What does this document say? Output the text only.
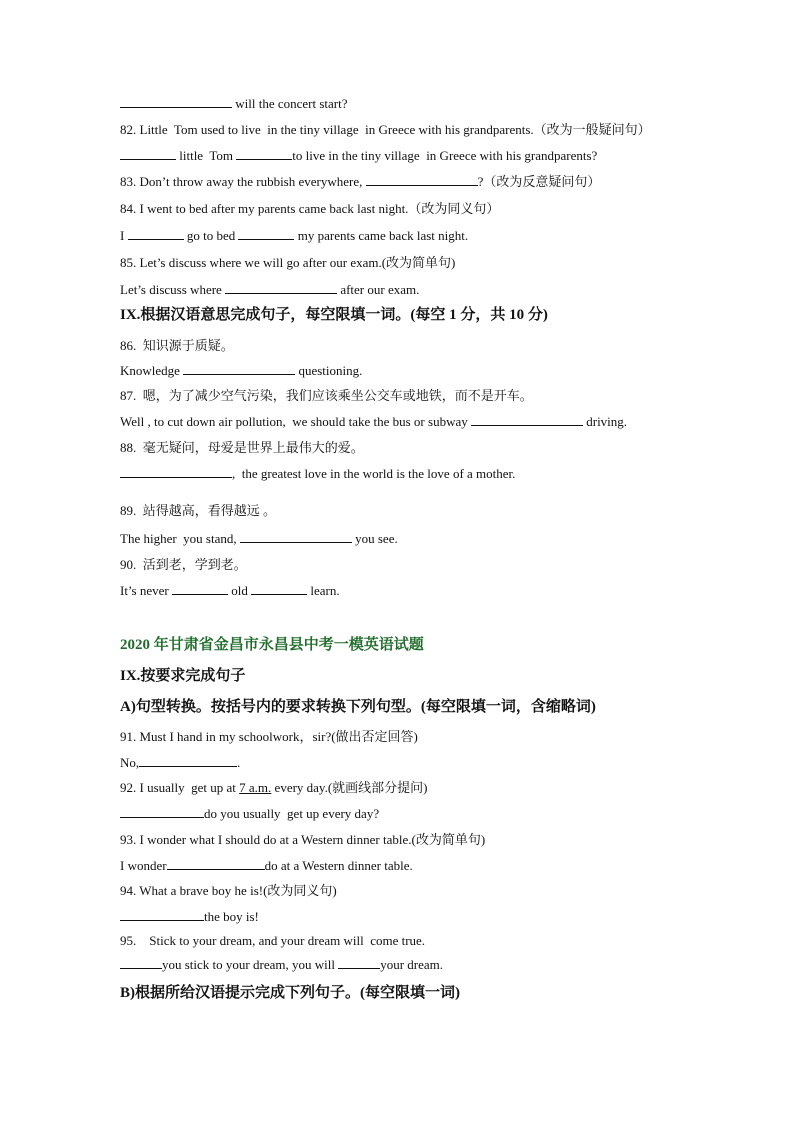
will the concert start?
82. Little  Tom used to live  in the tiny village  in Greece with his grandparents.（改为一般疑问句）
little  Tom	to live in the tiny village  in Greece with his grandparents?
83. Don’t throw away the rubbish everywhere,	?（改为反意疑问句）
84. I went to bed after my parents came back last night.（改为同义句）
I	go to bed	my parents came back last night.
85. Let’s discuss where we will go after our exam.(改为简单句)
Let’s discuss where	after our exam.
IX.根据汉语意思完成句子，每空限填一词。(每空 1 分，共 10 分)
86.  知识源于质疑。
Knowledge	questioning.
87.  嗯，为了减少空气污染，我们应该乘坐公交车或地铁，而不是开车。
Well , to cut down air pollution,  we should take the bus or subway	driving.
88.  毫无疑问，母爱是世界上最伟大的爱。
,  the greatest love in the world is the love of a mother.
89.  站得越高，看得越远 。
The higher  you stand,	you see.
90.  活到老，学到老。
It’s never	old	learn.
2020 年甘肃省金昌市永昌县中考一模英语试题
IX.按要求完成句子
A)句型转换。按括号内的要求转换下列句型。(每空限填一词，含缩略词)
91. Must I hand in my schoolwork，sir?(做出否定回答)
No,	.
92. I usually  get up at 7 a.m. every day.(就画线部分提问)
do you usually  get up every day?
93. I wonder what I should do at a Western dinner table.(改为简单句)
I wonder	do at a Western dinner table.
94. What a brave boy he is!(改为同义句)
the boy is!
95.    Stick to your dream, and your dream will  come true.
you stick to your dream, you will	your dream.
B)根据所给汉语提示完成下列句子。(每空限填一词)
